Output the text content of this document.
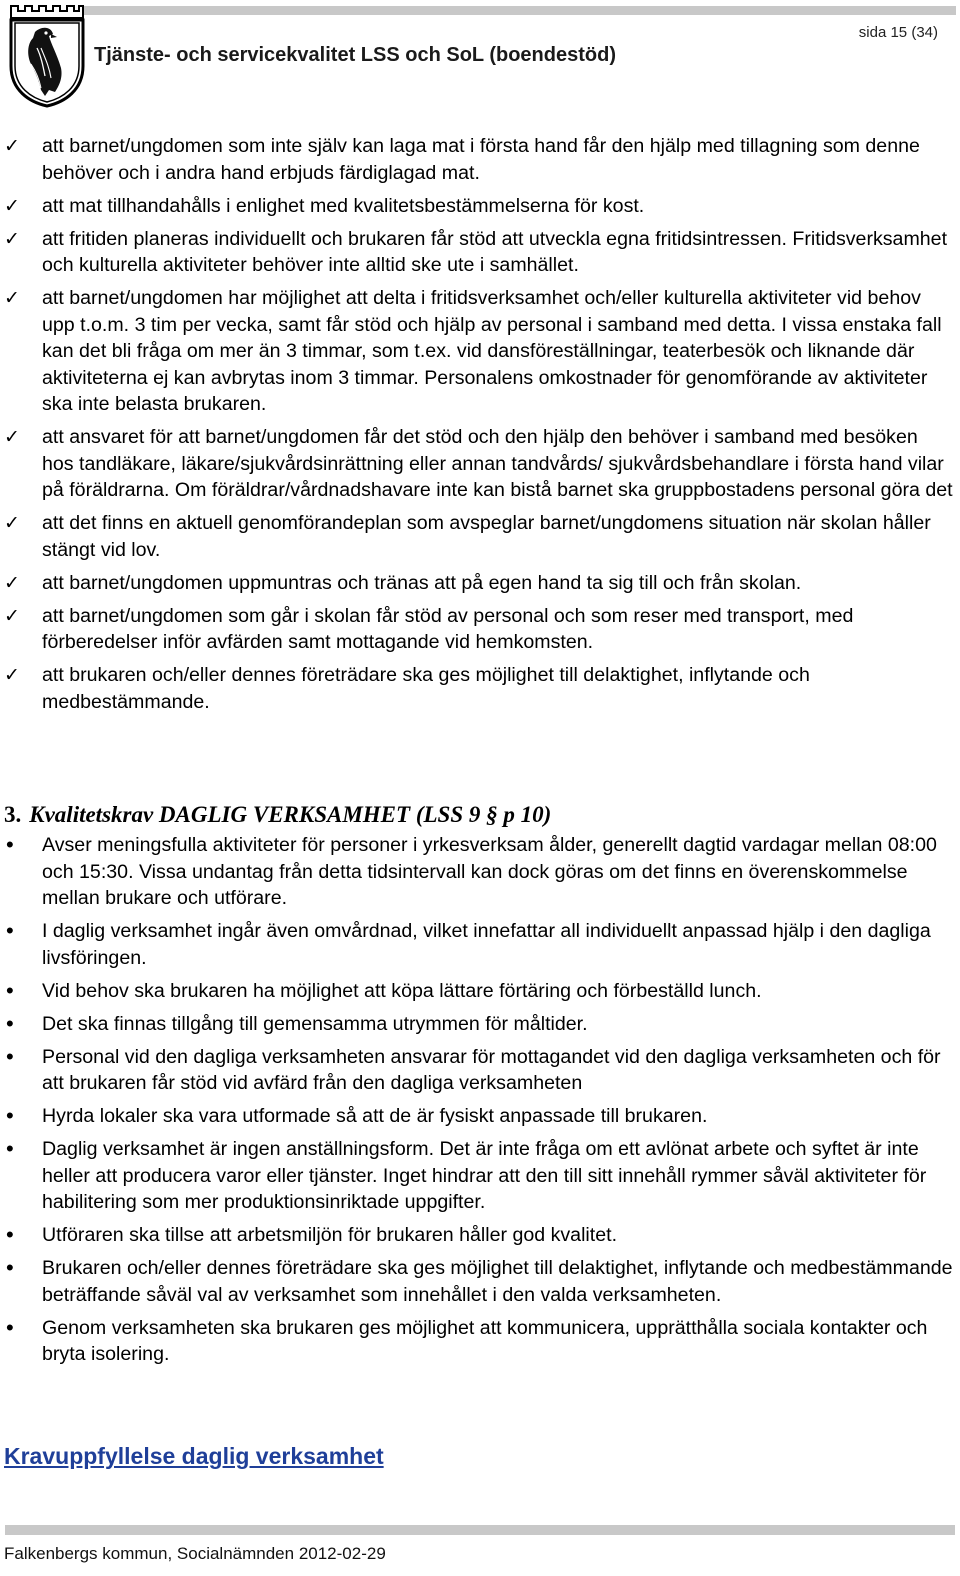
Tjänste- och servicekvalitet LSS och SoL (boendestöd)
sida 15 (34)
✓	att barnet/ungdomen som inte själv kan laga mat i första hand får den hjälp med tillagning som denne behöver och i andra hand erbjuds färdiglagad mat.
✓	att mat tillhandahålls i enlighet med kvalitetsbestämmelserna för kost.
✓	att fritiden planeras individuellt och brukaren får stöd att utveckla egna fritidsintressen. Fritidsverksamhet och kulturella aktiviteter behöver inte alltid ske ute i samhället.
✓	att barnet/ungdomen har möjlighet att delta i fritidsverksamhet och/eller kulturella aktiviteter vid behov upp t.o.m. 3 tim per vecka, samt får stöd och hjälp av personal i samband med detta. I vissa enstaka fall kan det bli fråga om mer än 3 timmar, som t.ex. vid dansföreställningar, teaterbesök och liknande där aktiviteterna ej kan avbrytas inom 3 timmar. Personalens omkostnader för genomförande av aktiviteter ska inte belasta brukaren.
✓	att ansvaret för att barnet/ungdomen får det stöd och den hjälp den behöver i samband med besöken hos tandläkare, läkare/sjukvårdsinrättning eller annan tandvårds/ sjukvårdsbehandlare i första hand vilar på föräldrarna. Om föräldrar/vårdnadshavare inte kan bistå barnet ska gruppbostadens personal göra det
✓	att det finns en aktuell genomförandeplan som avspeglar barnet/ungdomens situation när skolan håller stängt vid lov.
✓	att barnet/ungdomen uppmuntras och tränas att på egen hand ta sig till och från skolan.
✓	att barnet/ungdomen som går i skolan får stöd av personal och som reser med transport, med förberedelser inför avfärden samt mottagande vid hemkomsten.
✓	att brukaren och/eller dennes företrädare ska ges möjlighet till delaktighet, inflytande och medbestämmande.
3. Kvalitetskrav DAGLIG VERKSAMHET (LSS 9 § p 10)
•	Avser meningsfulla aktiviteter för personer i yrkesverksam ålder, generellt dagtid vardagar mellan 08:00 och 15:30. Vissa undantag från detta tidsintervall kan dock göras om det finns en överenskommelse mellan brukare och utförare.
•	I daglig verksamhet ingår även omvårdnad, vilket innefattar all individuellt anpassad hjälp i den dagliga livsföringen.
•	Vid behov ska brukaren ha möjlighet att köpa lättare förtäring och förbeställd lunch.
•	Det ska finnas tillgång till gemensamma utrymmen för måltider.
•	Personal vid den dagliga verksamheten ansvarar för mottagandet vid den dagliga verksamheten och för att brukaren får stöd vid avfärd från den dagliga verksamheten
•	Hyrda lokaler ska vara utformade så att de är fysiskt anpassade till brukaren.
•	Daglig verksamhet är ingen anställningsform. Det är inte fråga om ett avlönat arbete och syftet är inte heller att producera varor eller tjänster. Inget hindrar att den till sitt innehåll rymmer såväl aktiviteter för habilitering som mer produktionsinriktade uppgifter.
•	Utföraren ska tillse att arbetsmiljön för brukaren håller god kvalitet.
•	Brukaren och/eller dennes företrädare ska ges möjlighet till delaktighet, inflytande och medbestämmande beträffande såväl val av verksamhet som innehållet i den valda verksamheten.
•	Genom verksamheten ska brukaren ges möjlighet att kommunicera, upprätthålla sociala kontakter och bryta isolering.
Kravuppfyllelse daglig verksamhet
Falkenbergs kommun, Socialnämnden 2012-02-29
